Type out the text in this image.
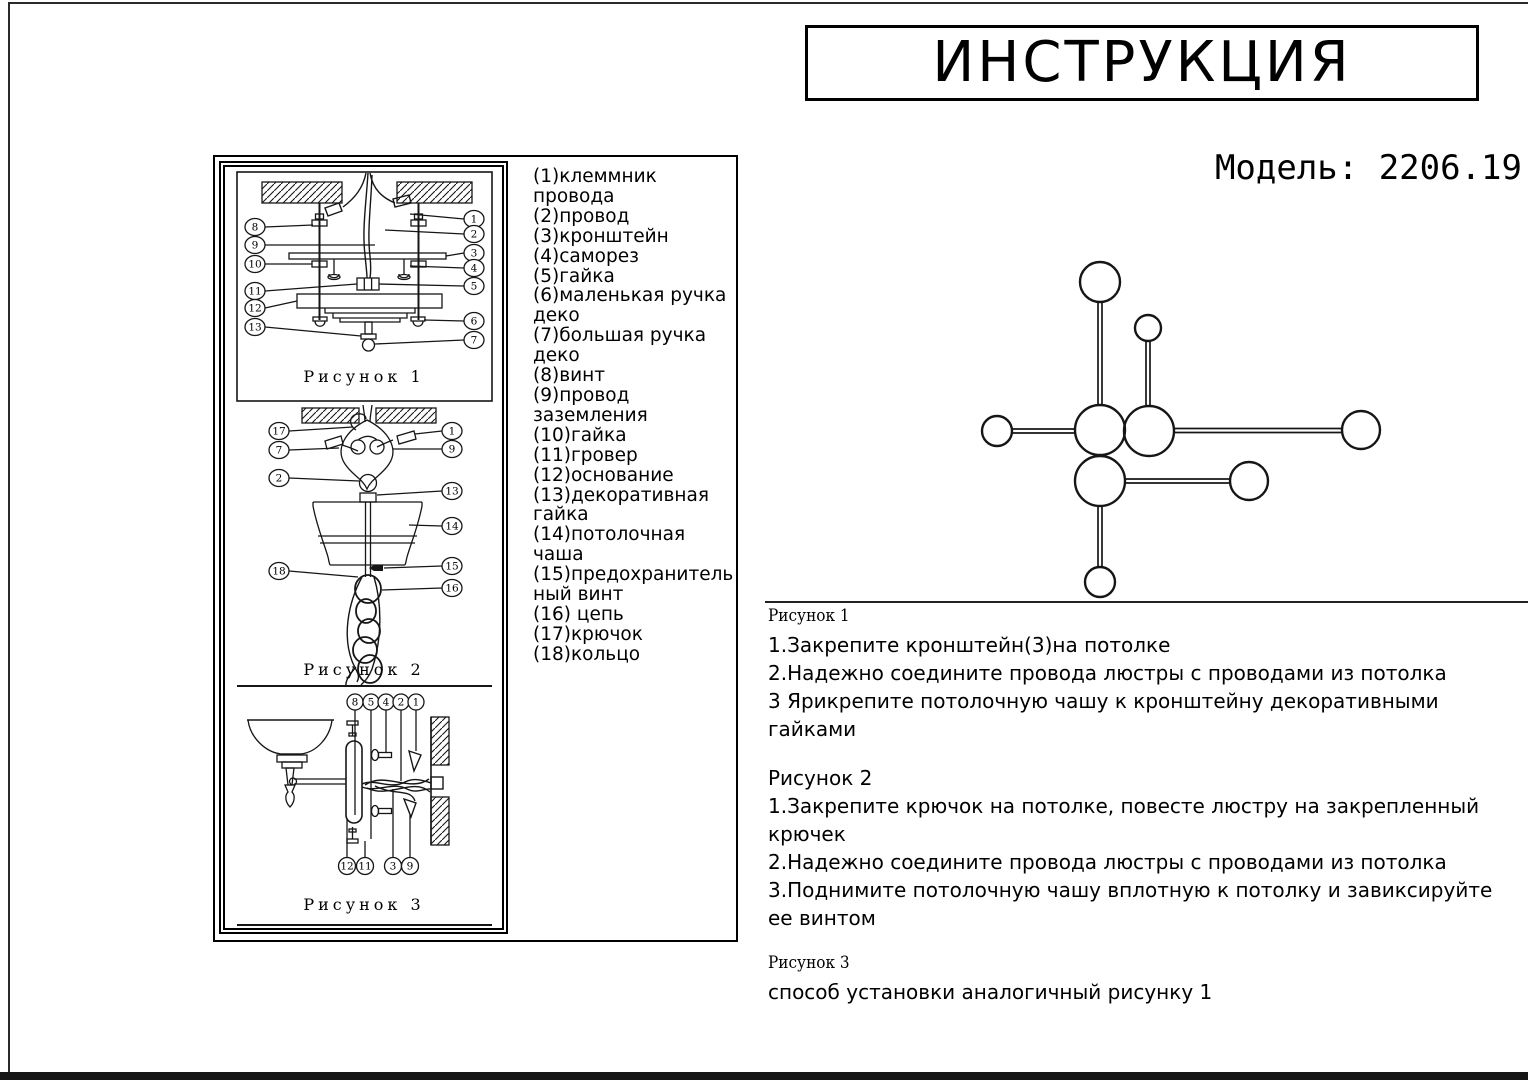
ИНСТРУКЦИЯ
Модель: 2206.19
(1)клеммник провода
(2)провод
(3)кронштейн
(4)саморез
(5)гайка
(6)маленькая ручка деко
(7)большая ручка деко
(8)винт
(9)провод заземления
(10)гайка
(11)гровер
(12)основание
(13)декоративная гайка
(14)потолочная чаша
(15)предохранительный винт
(16) цепь
(17)крючок
(18)кольцо
8
9
10
11
12
13
1
2
3
4
5
6
7
Рисунок 1
17
7
2
18
1
9
13
14
15
16
Рисунок 2
8 5 4 2 1
12 11 3 9
Рисунок 3
Рисунок 1
1.Закрепите кронштейн(3)на потолке
2.Надежно соедините провода люстры с проводами из потолка
3 Ярикрепите потолочную чашу к кронштейну декоративными гайками
Рисунок 2
1.Закрепите крючок на потолке, повесте люстру на закрепленный крючек
2.Надежно соедините провода люстры с проводами из потолка
3.Поднимите потолочную чашу вплотную к потолку и завиксируйте ее винтом
Рисунок 3
способ установки аналогичный рисунку 1
